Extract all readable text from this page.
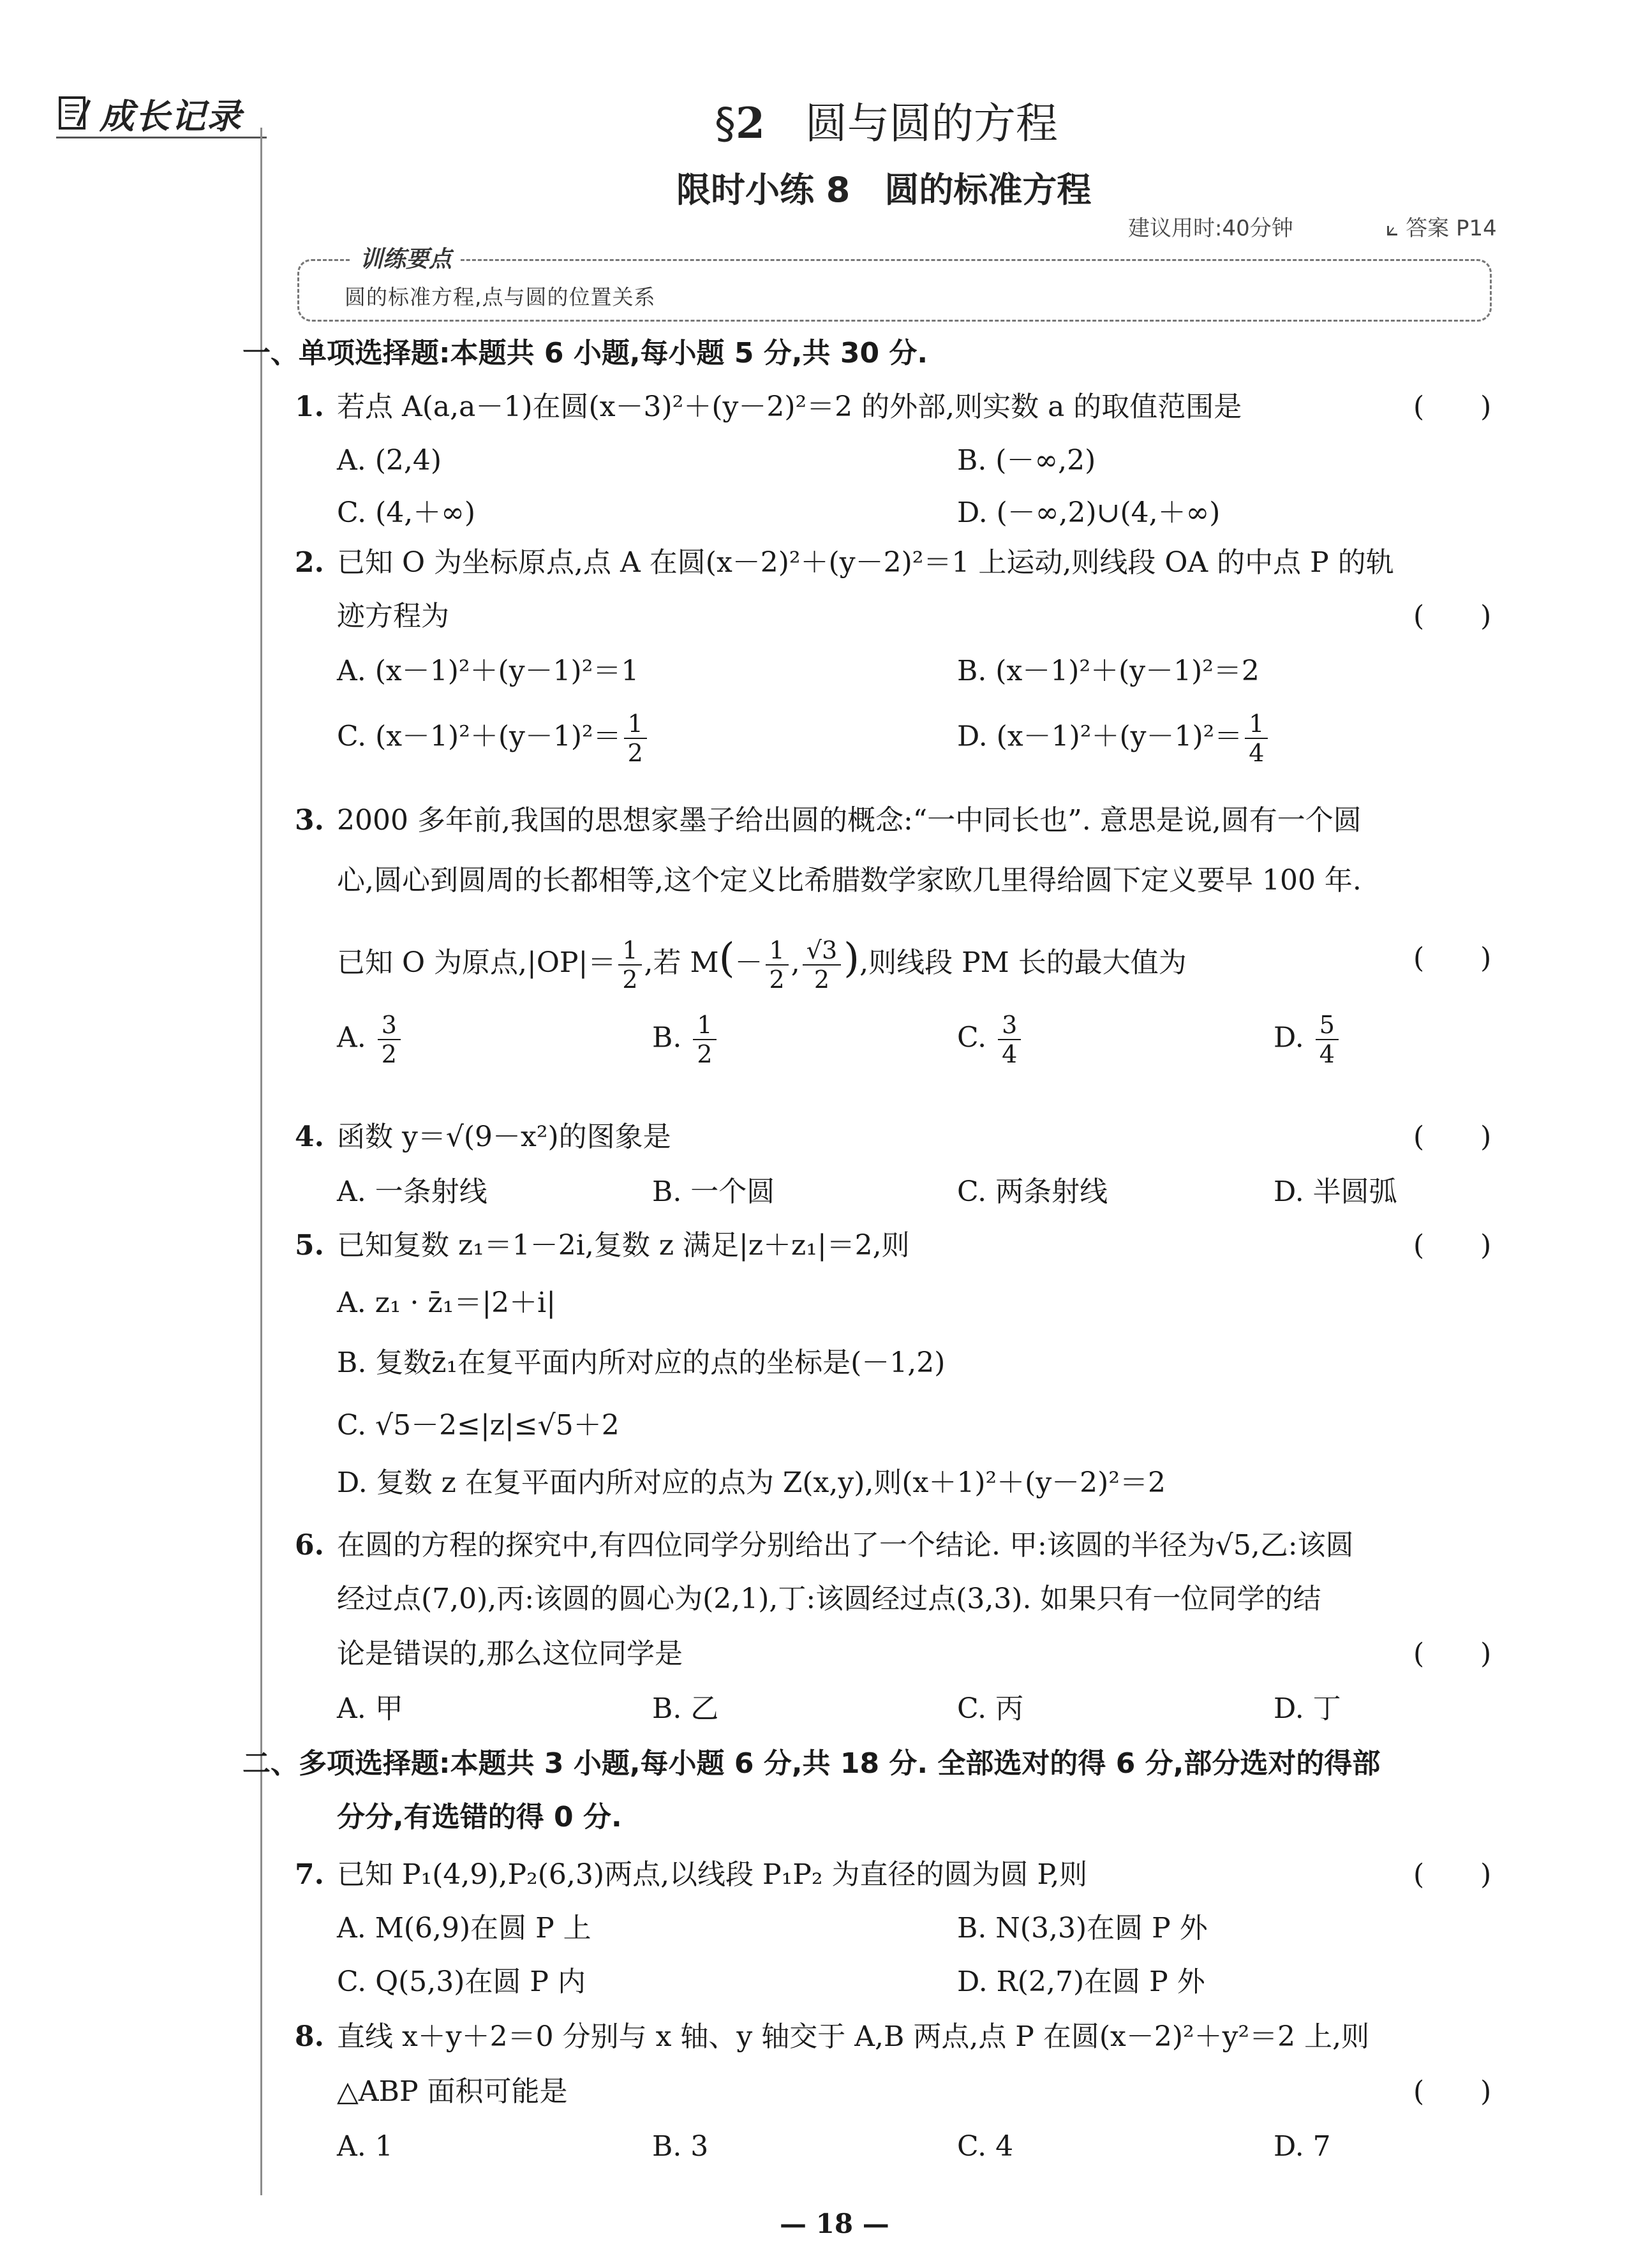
成长记录	§2 圆与圆的方程
限时小练 8　圆的标准方程
建议用时:40分钟	⟀ 答案 P14
训练要点
圆的标准方程,点与圆的位置关系
一、单项选择题:本题共 6 小题,每小题 5 分,共 30 分.
1. 若点 A(a,a－1)在圆(x－3)²＋(y－2)²＝2 的外部,则实数 a 的取值范围是	(　　)
A. (2,4)	B. (－∞,2)
C. (4,＋∞)	D. (－∞,2)∪(4,＋∞)
2. 已知 O 为坐标原点,点 A 在圆(x－2)²＋(y－2)²＝1 上运动,则线段 OA 的中点 P 的轨
迹方程为	(　　)
A. (x－1)²＋(y－1)²＝1	B. (x－1)²＋(y－1)²＝2
C. $(x-1)^2+(y-1)^2= \frac{1}{2}$	D. $(x-1)^2+(y-1)^2= \frac{1}{4}$
3. 2000 多年前,我国的思想家墨子给出圆的概念:“一中同长也”. 意思是说,圆有一个圆
心,圆心到圆周的长都相等,这个定义比希腊数学家欧几里得给圆下定义要早 100 年.
已知 O 为原点$,|OP|= \frac{1}{2}$ ,若 $M(- \frac{1}{2}$ , $\frac{√3}{2}$ ),则线段 PM 长的最大值为	(　　)
A. $\frac{3}{2}$	B. $\frac{1}{2}$	C. $\frac{3}{4}$	D. $\frac{5}{4}$
4. 函数 y＝√(9－x²)的图象是	(　　)
A. 一条射线	B. 一个圆	C. 两条射线	D. 半圆弧
5. 已知复数 z₁＝1－2i,复数 z 满足|z＋z₁|＝2,则	(　　)
A. z₁ · z̄₁＝|2＋i|
B. 复数z̄₁在复平面内所对应的点的坐标是(－1,2)
C. √5－2≤|z|≤√5＋2
D. 复数 z 在复平面内所对应的点为 Z(x,y),则(x＋1)²＋(y－2)²＝2
6. 在圆的方程的探究中,有四位同学分别给出了一个结论. 甲:该圆的半径为√5,乙:该圆
经过点(7,0),丙:该圆的圆心为(2,1),丁:该圆经过点(3,3). 如果只有一位同学的结
论是错误的,那么这位同学是	(　　)
A. 甲	B. 乙	C. 丙	D. 丁
二、多项选择题:本题共 3 小题,每小题 6 分,共 18 分. 全部选对的得 6 分,部分选对的得部
分分,有选错的得 0 分.
7. 已知 P₁(4,9),P₂(6,3)两点,以线段 P₁P₂ 为直径的圆为圆 P,则	(　　)
A. M(6,9)在圆 P 上	B. N(3,3)在圆 P 外
C. Q(5,3)在圆 P 内	D. R(2,7)在圆 P 外
8. 直线 x＋y＋2＝0 分别与 x 轴、y 轴交于 A,B 两点,点 P 在圆(x－2)²＋y²＝2 上,则
△ABP 面积可能是	(　　)
A. 1	B. 3	C. 4	D. 7
— 18 —
